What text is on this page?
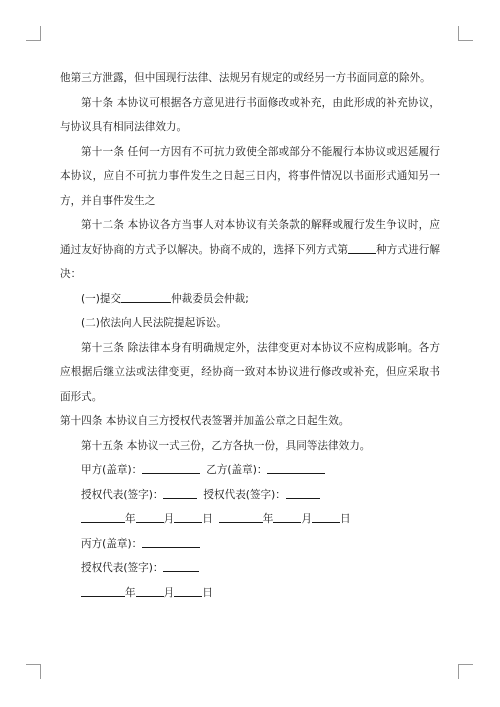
他第三方泄露，但中国现行法律、法规另有规定的或经另一方书面同意的除外。

第十条 本协议可根据各方意见进行书面修改或补充，由此形成的补充协议，与协议具有相同法律效力。

第十一条 任何一方因有不可抗力致使全部或部分不能履行本协议或迟延履行本协议，应自不可抗力事件发生之日起三日内，将事件情况以书面形式通知另一方，并自事件发生之

第十二条 本协议各方当事人对本协议有关条款的解释或履行发生争议时，应通过友好协商的方式予以解决。协商不成的，选择下列方式第	种方式进行解决：

(一)提交	仲裁委员会仲裁;

(二)依法向人民法院提起诉讼。

第十三条 除法律本身有明确规定外，法律变更对本协议不应构成影响。各方应根据后继立法或法律变更，经协商一致对本协议进行修改或补充，但应采取书面形式。

第十四条 本协议自三方授权代表签署并加盖公章之日起生效。

第十五条 本协议一式三份，乙方各执一份，具同等法律效力。

甲方(盖章)：	乙方(盖章)：

授权代表(签字)：	授权代表(签字)：

年	月	日	年	月	日

丙方(盖章)：

授权代表(签字)：

年	月	日
